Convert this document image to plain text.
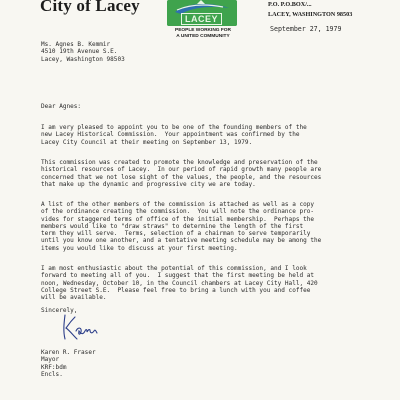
City of Lacey
LACEY
PEOPLE WORKING FOR
A UNITED COMMUNITY
P.O. P.O.BOX/...
LACEY, WASHINGTON 98503
September 27, 1979
Ms. Agnes B. Kemmir
4510 19th Avenue S.E.
Lacey, Washington 98503
Dear Agnes:
I am very pleased to appoint you to be one of the founding members of the
new Lacey Historical Commission.  Your appointment was confirmed by the
Lacey City Council at their meeting on September 13, 1979.
This commission was created to promote the knowledge and preservation of the
historical resources of Lacey.  In our period of rapid growth many people are
concerned that we not lose sight of the values, the people, and the resources
that make up the dynamic and progressive city we are today.
A list of the other members of the commission is attached as well as a copy
of the ordinance creating the commission.  You will note the ordinance pro-
vides for staggered terms of office of the initial membership.  Perhaps the
members would like to "draw straws" to determine the length of the first
term they will serve.  Terms, selection of a chairman to serve temporarily
until you know one another, and a tentative meeting schedule may be among the
items you would like to discuss at your first meeting.
I am most enthusiastic about the potential of this commission, and I look
forward to meeting all of you.  I suggest that the first meeting be held at
noon, Wednesday, October 10, in the Council chambers at Lacey City Hall, 420
College Street S.E.  Please feel free to bring a lunch with you and coffee
will be available.
Sincerely,
Karen R. Fraser
Mayor
KRF:bdm
Encls.
